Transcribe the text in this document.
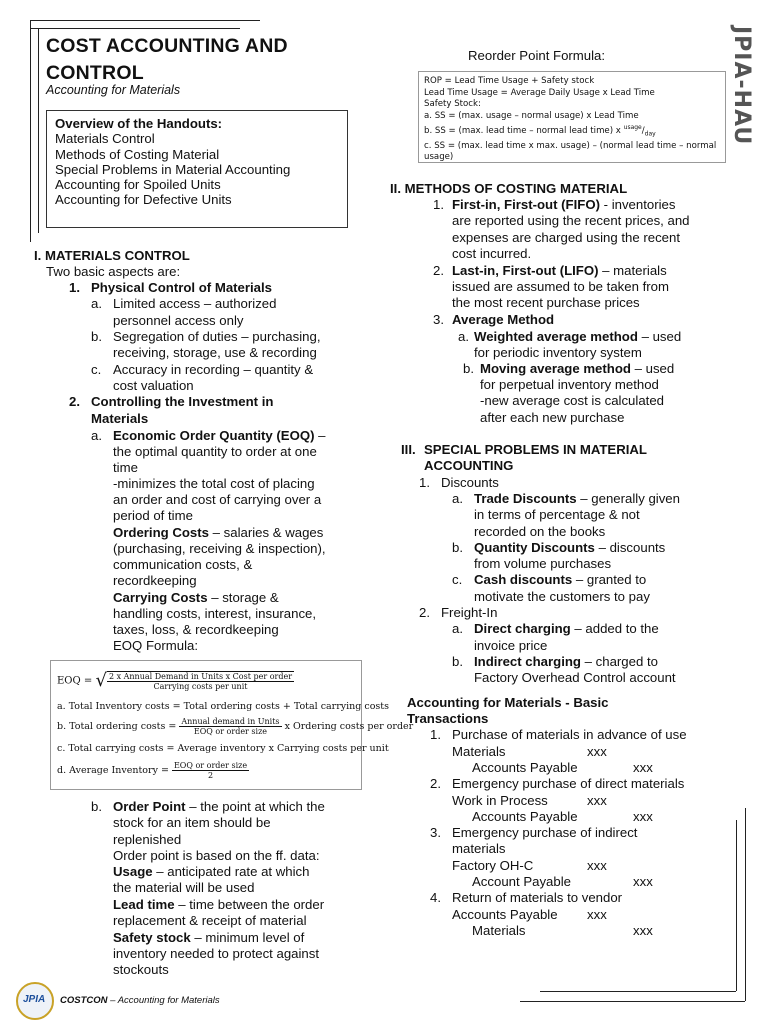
COST ACCOUNTING AND
CONTROL
Accounting for Materials	JPIA-HAU
Overview of the Handouts:
Materials Control
Methods of Costing Material
Special Problems in Material Accounting
Accounting for Spoiled Units
Accounting for Defective Units
I. MATERIALS CONTROL
Two basic aspects are:
1. Physical Control of Materials
a. Limited access – authorized
personnel access only
b. Segregation of duties – purchasing,
receiving, storage, use & recording
c. Accuracy in recording – quantity &
cost valuation
2. Controlling the Investment in
Materials
a. Economic Order Quantity (EOQ) –
the optimal quantity to order at one
time
-minimizes the total cost of placing
an order and cost of carrying over a
period of time
Ordering Costs – salaries & wages
(purchasing, receiving & inspection),
communication costs, &
recordkeeping
Carrying Costs – storage &
handling costs, interest, insurance,
taxes, loss, & recordkeeping
EOQ Formula:
EOQ = √ $\frac{\text{2 x Annual Demand in Units x Cost per order}}{\text{Carrying costs per unit}}$
a. Total Inventory costs = Total ordering costs + Total carrying costs
b. Total ordering costs = $\frac{\text{Annual demand in Units}}{\text{EOQ or order size}}$ x Ordering costs per order
c. Total carrying costs = Average inventory x Carrying costs per unit
d. Average Inventory = $\frac{\text{EOQ or order size}}{2}$
b. Order Point – the point at which the
stock for an item should be
replenished
Order point is based on the ff. data:
Usage – anticipated rate at which
the material will be used
Lead time – time between the order
replacement & receipt of material
Safety stock – minimum level of
inventory needed to protect against
stockouts
Reorder Point Formula:
ROP = Lead Time Usage + Safety stock
Lead Time Usage = Average Daily Usage x Lead Time
Safety Stock:
a. SS = (max. usage – normal usage) x Lead Time
b. SS = (max. lead time – normal lead time) x $^{usage}/_{day}$
c. SS = (max. lead time x max. usage) – (normal lead time – normal usage)
II. METHODS OF COSTING MATERIAL
1. First-in, First-out (FIFO) - inventories
are reported using the recent prices, and
expenses are charged using the recent
cost incurred.
2. Last-in, First-out (LIFO) – materials
issued are assumed to be taken from
the most recent purchase prices
3. Average Method
a. Weighted average method – used
for periodic inventory system
b. Moving average method – used
for perpetual inventory method
-new average cost is calculated
after each new purchase
III. SPECIAL PROBLEMS IN MATERIAL
ACCOUNTING
1. Discounts
a. Trade Discounts – generally given
in terms of percentage & not
recorded on the books
b. Quantity Discounts – discounts
from volume purchases
c. Cash discounts – granted to
motivate the customers to pay
2. Freight-In
a. Direct charging – added to the
invoice price
b. Indirect charging – charged to
Factory Overhead Control account
Accounting for Materials - Basic
Transactions
1. Purchase of materials in advance of use
Materials	xxx
Accounts Payable	xxx
2. Emergency purchase of direct materials
Work in Process	xxx
Accounts Payable	xxx
3. Emergency purchase of indirect
materials
Factory OH-C	xxx
Account Payable	xxx
4. Return of materials to vendor
Accounts Payable xxx
Materials	xxx
JPIA COSTCON – Accounting for Materials
